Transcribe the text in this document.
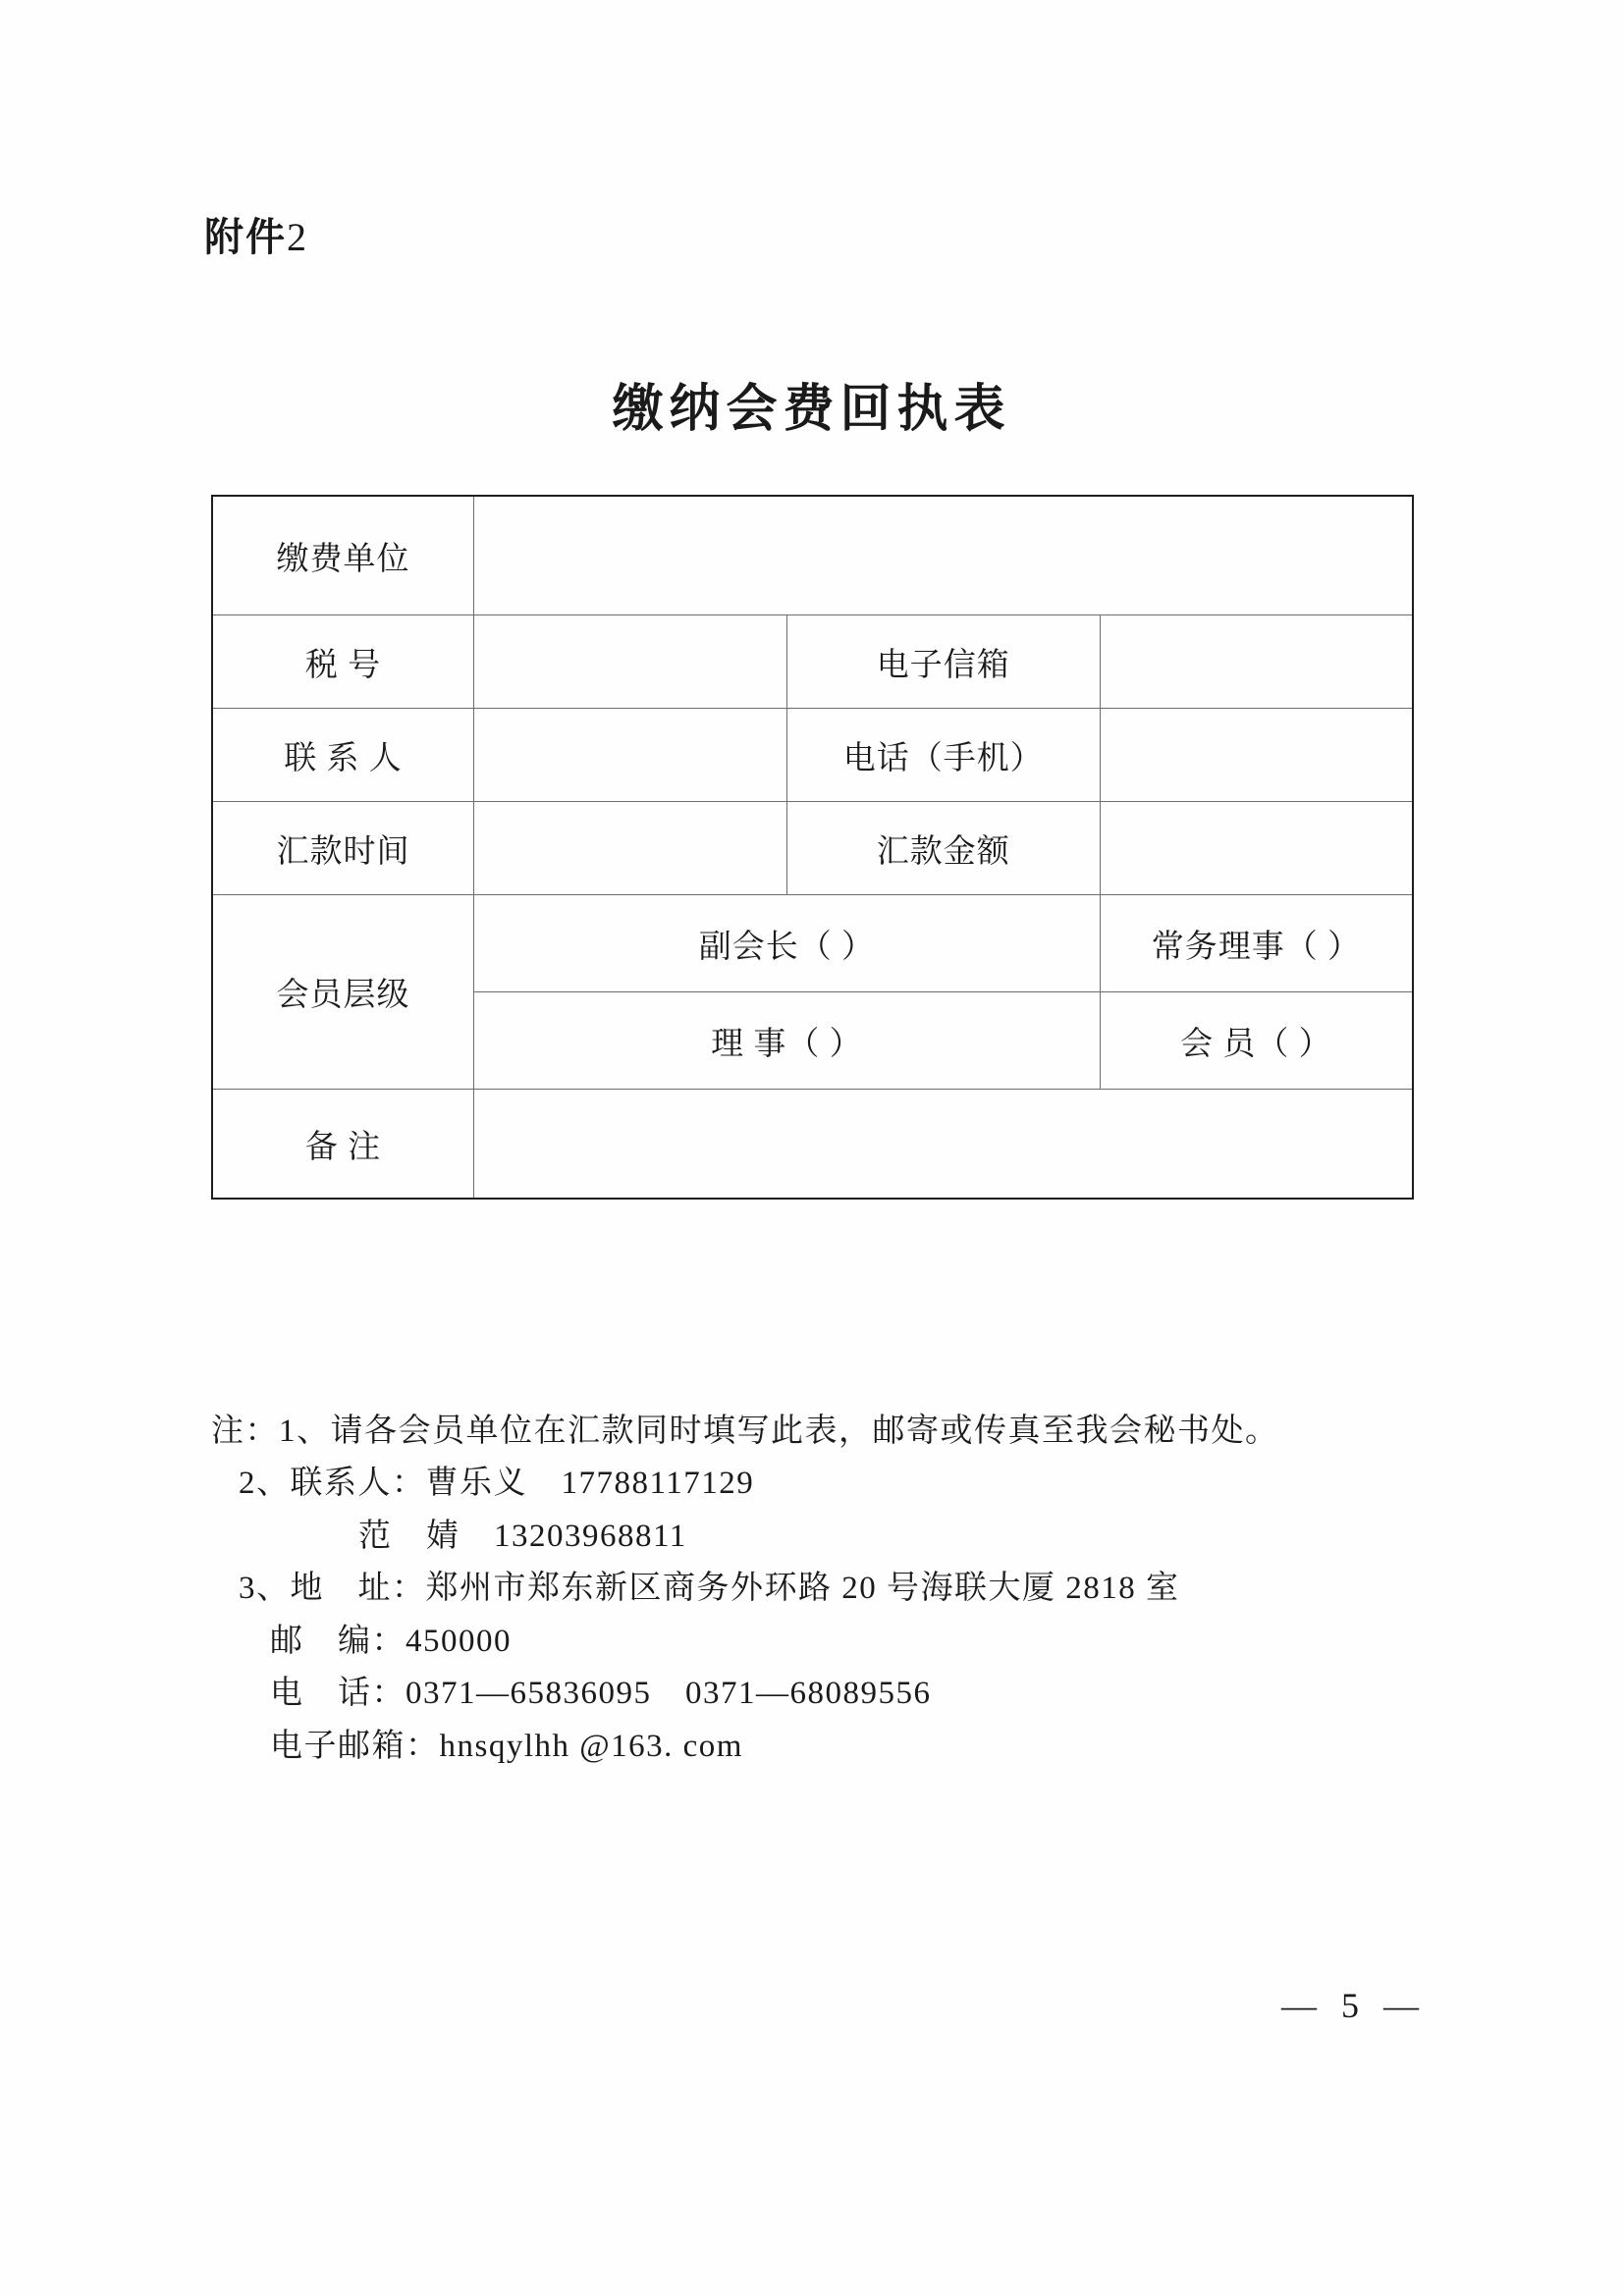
附件2
缴纳会费回执表
缴费单位			
税 号		电子信箱	
联 系 人		电话（手机）	
汇款时间		汇款金额	
会员层级	副会长（ ）		常务理事（ ）
	理 事（ ）		会 员（ ）
备 注			
注：1、请各会员单位在汇款同时填写此表，邮寄或传真至我会秘书处。
2、联系人：曹乐义　17788117129
范　婧　13203968811
3、地　址：郑州市郑东新区商务外环路 20 号海联大厦 2818 室
邮　编：450000
电　话：0371—65836095　0371—68089556
电子邮箱：hnsqylhh @163. com
— 5 —
